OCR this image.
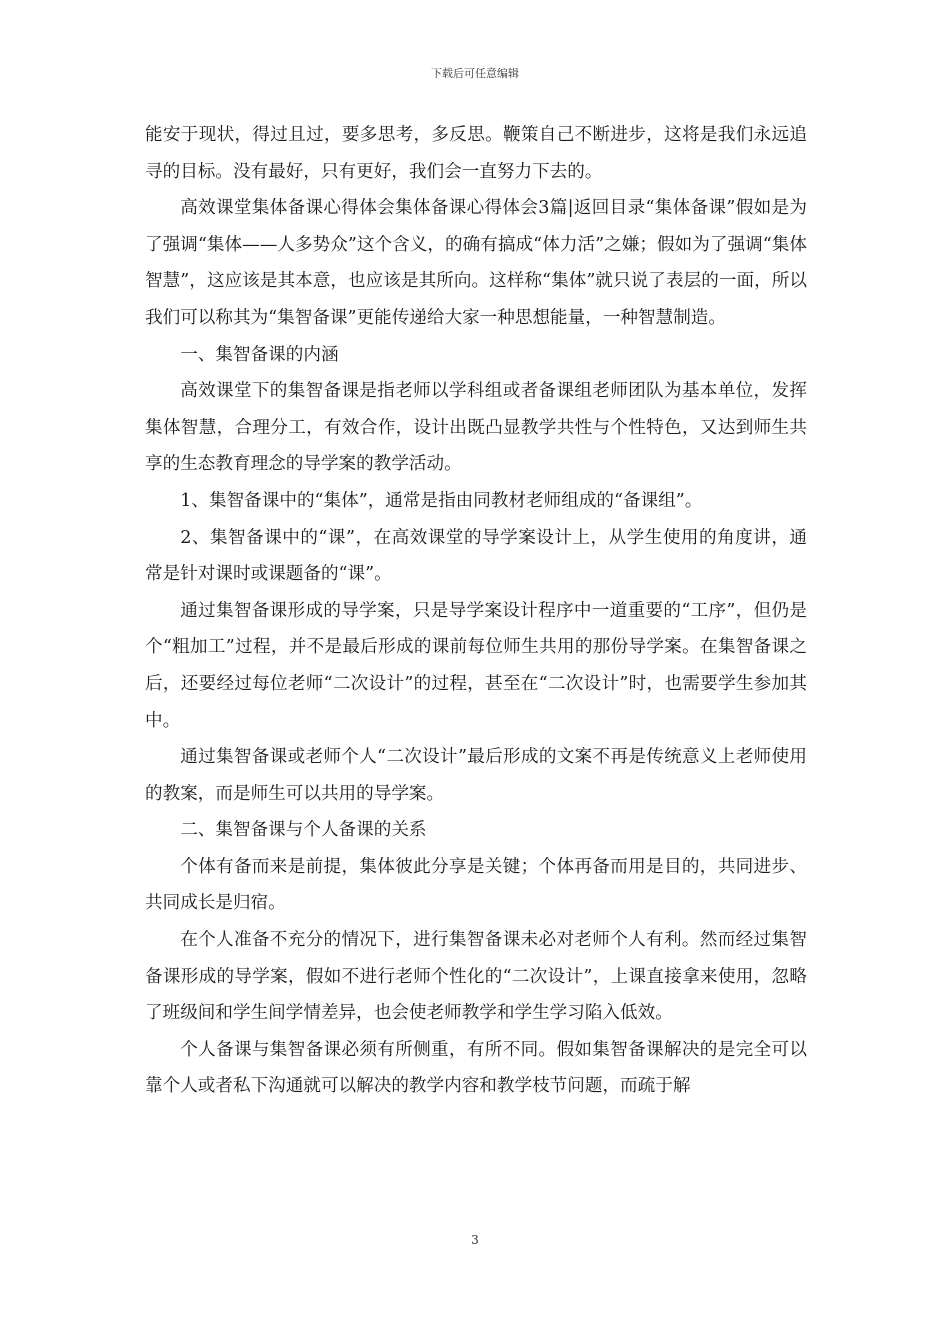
下载后可任意编辑

能安于现状，得过且过，要多思考，多反思。鞭策自己不断进步，这将是我们永远追寻的目标。没有最好，只有更好，我们会一直努力下去的。

高效课堂集体备课心得体会集体备课心得体会3篇|返回目录“集体备课”假如是为了强调“集体——人多势众”这个含义，的确有搞成“体力活”之嫌；假如为了强调“集体智慧”，这应该是其本意，也应该是其所向。这样称“集体”就只说了表层的一面，所以我们可以称其为“集智备课”更能传递给大家一种思想能量，一种智慧制造。

一、集智备课的内涵

高效课堂下的集智备课是指老师以学科组或者备课组老师团队为基本单位，发挥集体智慧，合理分工，有效合作，设计出既凸显教学共性与个性特色，又达到师生共享的生态教育理念的导学案的教学活动。

1、集智备课中的“集体”，通常是指由同教材老师组成的“备课组”。

2、集智备课中的“课”，在高效课堂的导学案设计上，从学生使用的角度讲，通常是针对课时或课题备的“课”。

通过集智备课形成的导学案，只是导学案设计程序中一道重要的“工序”，但仍是个“粗加工”过程，并不是最后形成的课前每位师生共用的那份导学案。在集智备课之后，还要经过每位老师“二次设计”的过程，甚至在“二次设计”时，也需要学生参加其中。

通过集智备课或老师个人“二次设计”最后形成的文案不再是传统意义上老师使用的教案，而是师生可以共用的导学案。

二、集智备课与个人备课的关系

个体有备而来是前提，集体彼此分享是关键；个体再备而用是目的，共同进步、共同成长是归宿。

在个人准备不充分的情况下，进行集智备课未必对老师个人有利。然而经过集智备课形成的导学案，假如不进行老师个性化的“二次设计”，上课直接拿来使用，忽略了班级间和学生间学情差异，也会使老师教学和学生学习陷入低效。

个人备课与集智备课必须有所侧重，有所不同。假如集智备课解决的是完全可以靠个人或者私下沟通就可以解决的教学内容和教学枝节问题，而疏于解

3
